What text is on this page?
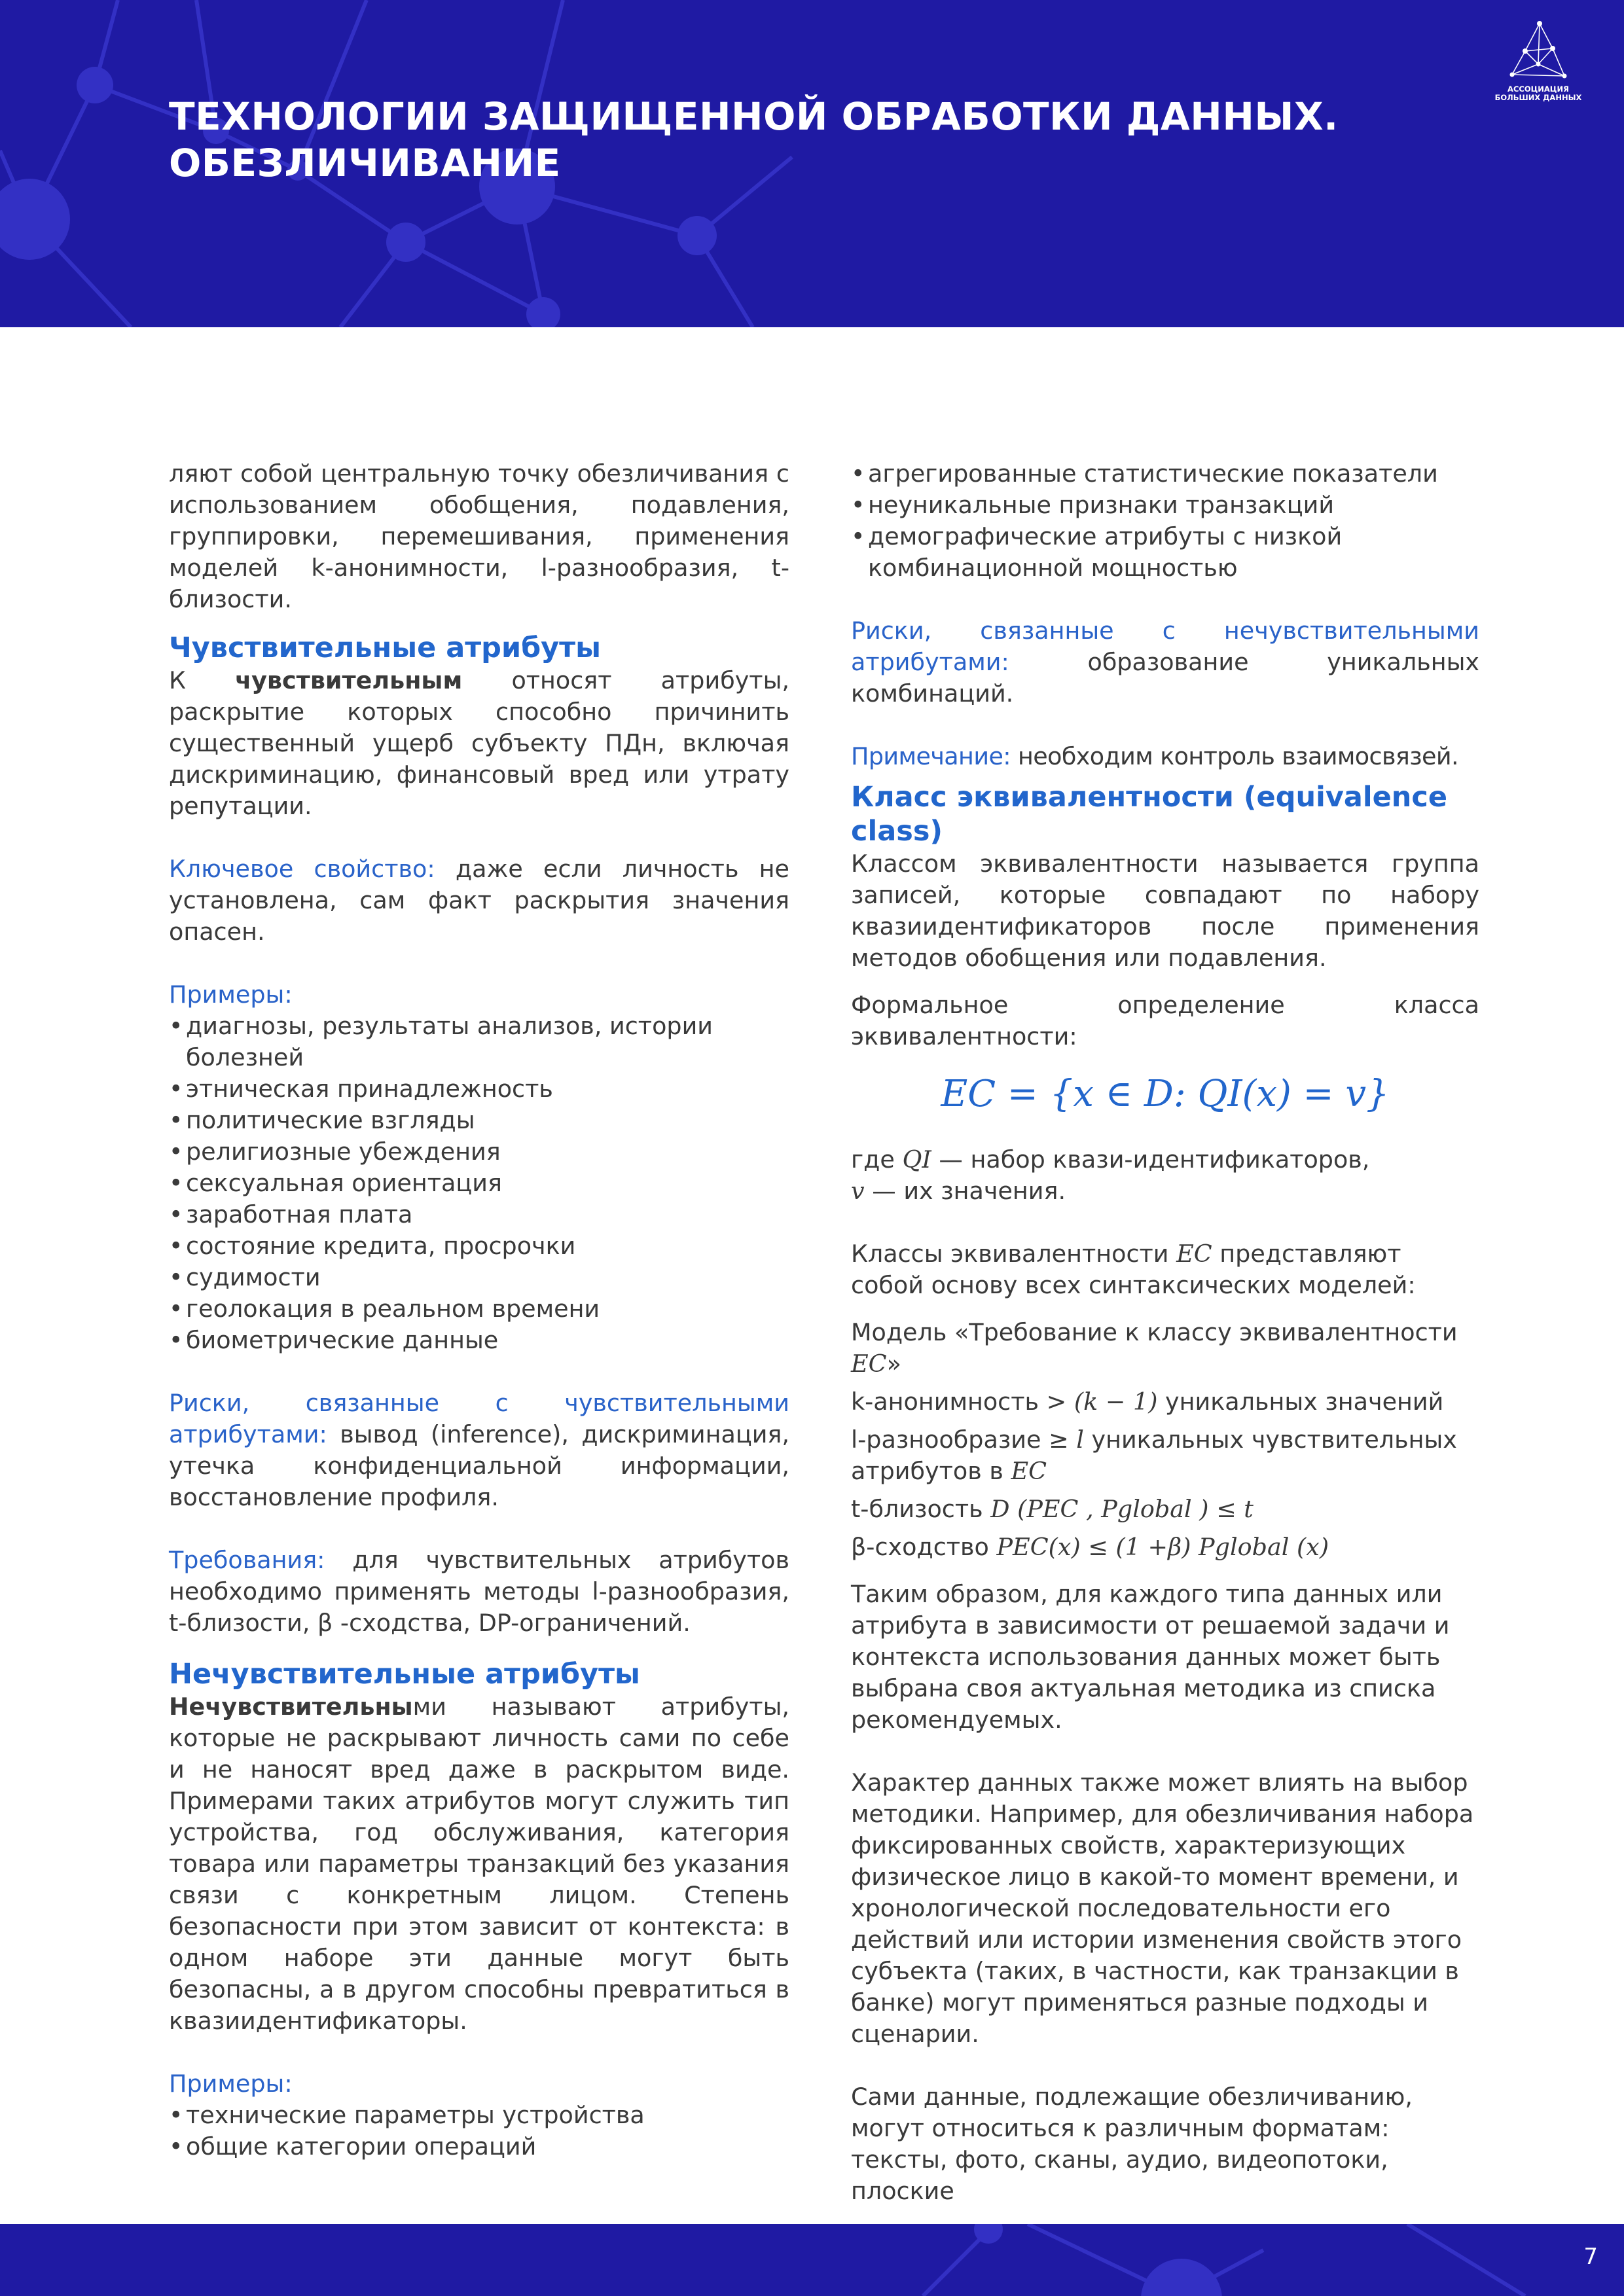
ТЕХНОЛОГИИ ЗАЩИЩЕННОЙ ОБРАБОТКИ ДАННЫХ.
ОБЕЗЛИЧИВАНИЕ
АССОЦИАЦИЯ
БОЛЬШИХ ДАННЫХ

ляют собой центральную точку обезличивания с использованием обобщения, подавления, группировки, перемешивания, применения моделей k-анонимности, l-разнообразия, t-близости.

Чувствительные атрибуты

К чувствительным относят атрибуты, раскрытие которых способно причинить существенный ущерб субъекту ПДн, включая дискриминацию, финансовый вред или утрату репутации.

Ключевое свойство: даже если личность не установлена, сам факт раскрытия значения опасен.

Примеры:

• диагнозы, результаты анализов, истории болезней
• этническая принадлежность
• политические взгляды
• религиозные убеждения
• сексуальная ориентация
• заработная плата
• состояние кредита, просрочки
• судимости
• геолокация в реальном времени
• биометрические данные

Риски, связанные с чувствительными атрибутами: вывод (inference), дискриминация, утечка конфиденциальной информации, восстановление профиля.

Требования: для чувствительных атрибутов необходимо применять методы l-разнообразия, t-близости, β -сходства, DP-ограничений.

Нечувствительные атрибуты

Нечувствительными называют атрибуты, которые не раскрывают личность сами по себе и не наносят вред даже в раскрытом виде. Примерами таких атрибутов могут служить тип устройства, год обслуживания, категория товара или параметры транзакций без указания связи с конкретным лицом. Степень безопасности при этом зависит от контекста: в одном наборе эти данные могут быть безопасны, а в другом способны превратиться в квазиидентификаторы.

Примеры:

• технические параметры устройства
• общие категории операций
• агрегированные статистические показатели
• неуникальные признаки транзакций
• демографические атрибуты с низкой комбинационной мощностью

Риски, связанные с нечувствительными атрибутами: образование уникальных комбинаций.

Примечание: необходим контроль взаимосвязей.

Класс эквивалентности (equivalence class)

Классом эквивалентности называется группа записей, которые совпадают по набору квазиидентификаторов после применения методов обобщения или подавления.

Формальное определение класса эквивалентности:

EC = {x ∈ D: QI(x) = v}

где QI — набор квази-идентификаторов,
v — их значения.

Классы эквивалентности EC представляют собой основу всех синтаксических моделей:

Модель «Требование к классу эквивалентности EC»

k-анонимность > (k − 1) уникальных значений

l-разнообразие ≥ l уникальных чувствительных атрибутов в EC

t-близость D (PEC , Pglobal ) ≤ t

β-сходство PEC(x) ≤ (1 +β) Pglobal (x)

Таким образом, для каждого типа данных или атрибута в зависимости от решаемой задачи и контекста использования данных может быть выбрана своя актуальная методика из списка рекомендуемых.

Характер данных также может влиять на выбор методики. Например, для обезличивания набора фиксированных свойств, характеризующих физическое лицо в какой-то момент времени, и хронологической последовательности его действий или истории изменения свойств этого субъекта (таких, в частности, как транзакции в банке) могут применяться разные подходы и сценарии.

Сами данные, подлежащие обезличиванию, могут относиться к различным форматам: тексты, фото, сканы, аудио, видеопотоки, плоские

7
